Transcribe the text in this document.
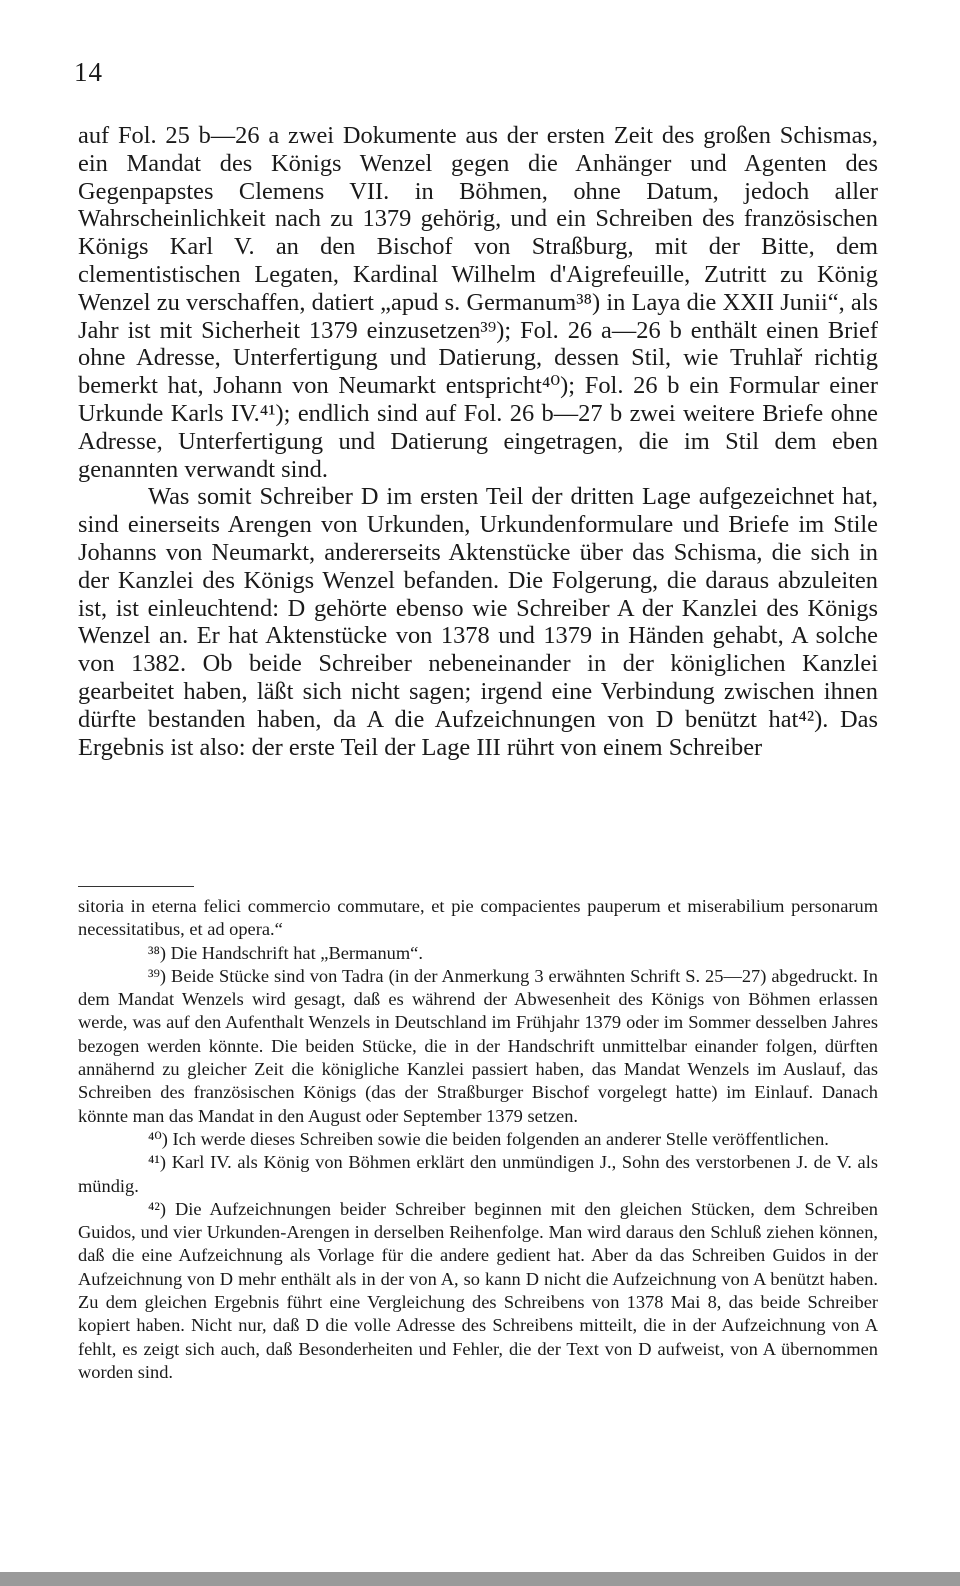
14

auf Fol. 25 b—26 a zwei Dokumente aus der ersten Zeit des großen Schismas, ein Mandat des Königs Wenzel gegen die Anhänger und Agenten des Gegenpapstes Clemens VII. in Böhmen, ohne Datum, jedoch aller Wahrscheinlichkeit nach zu 1379 gehörig, und ein Schreiben des französischen Königs Karl V. an den Bischof von Straßburg, mit der Bitte, dem clementistischen Legaten, Kardinal Wilhelm d'Aigrefeuille, Zutritt zu König Wenzel zu verschaffen, datiert „apud s. Germanum³⁸) in Laya die XXII Junii“, als Jahr ist mit Sicherheit 1379 einzusetzen³⁹); Fol. 26 a—26 b enthält einen Brief ohne Adresse, Unterfertigung und Datierung, dessen Stil, wie Truhlař richtig bemerkt hat, Johann von Neumarkt entspricht⁴⁰); Fol. 26 b ein Formular einer Urkunde Karls IV.⁴¹); endlich sind auf Fol. 26 b—27 b zwei weitere Briefe ohne Adresse, Unterfertigung und Datierung eingetragen, die im Stil dem eben genannten verwandt sind.

Was somit Schreiber D im ersten Teil der dritten Lage aufgezeichnet hat, sind einerseits Arengen von Urkunden, Urkundenformulare und Briefe im Stile Johanns von Neumarkt, andererseits Aktenstücke über das Schisma, die sich in der Kanzlei des Königs Wenzel befanden. Die Folgerung, die daraus abzuleiten ist, ist einleuchtend: D gehörte ebenso wie Schreiber A der Kanzlei des Königs Wenzel an. Er hat Aktenstücke von 1378 und 1379 in Händen gehabt, A solche von 1382. Ob beide Schreiber nebeneinander in der königlichen Kanzlei gearbeitet haben, läßt sich nicht sagen; irgend eine Verbindung zwischen ihnen dürfte bestanden haben, da A die Aufzeichnungen von D benützt hat⁴²). Das Ergebnis ist also: der erste Teil der Lage III rührt von einem Schreiber

sitoria in eterna felici commercio commutare, et pie compacientes pauperum et miserabilium personarum necessitatibus, et ad opera.“

³⁸) Die Handschrift hat „Bermanum“.

³⁹) Beide Stücke sind von Tadra (in der Anmerkung 3 erwähnten Schrift S. 25—27) abgedruckt. In dem Mandat Wenzels wird gesagt, daß es während der Abwesenheit des Königs von Böhmen erlassen werde, was auf den Aufenthalt Wenzels in Deutschland im Frühjahr 1379 oder im Sommer desselben Jahres bezogen werden könnte. Die beiden Stücke, die in der Handschrift unmittelbar einander folgen, dürften annähernd zu gleicher Zeit die königliche Kanzlei passiert haben, das Mandat Wenzels im Auslauf, das Schreiben des französischen Königs (das der Straßburger Bischof vorgelegt hatte) im Einlauf. Danach könnte man das Mandat in den August oder September 1379 setzen.

⁴⁰) Ich werde dieses Schreiben sowie die beiden folgenden an anderer Stelle veröffentlichen.

⁴¹) Karl IV. als König von Böhmen erklärt den unmündigen J., Sohn des verstorbenen J. de V. als mündig.

⁴²) Die Aufzeichnungen beider Schreiber beginnen mit den gleichen Stücken, dem Schreiben Guidos, und vier Urkunden-Arengen in derselben Reihenfolge. Man wird daraus den Schluß ziehen können, daß die eine Aufzeichnung als Vorlage für die andere gedient hat. Aber da das Schreiben Guidos in der Aufzeichnung von D mehr enthält als in der von A, so kann D nicht die Aufzeichnung von A benützt haben. Zu dem gleichen Ergebnis führt eine Vergleichung des Schreibens von 1378 Mai 8, das beide Schreiber kopiert haben. Nicht nur, daß D die volle Adresse des Schreibens mitteilt, die in der Aufzeichnung von A fehlt, es zeigt sich auch, daß Besonderheiten und Fehler, die der Text von D aufweist, von A übernommen worden sind.
